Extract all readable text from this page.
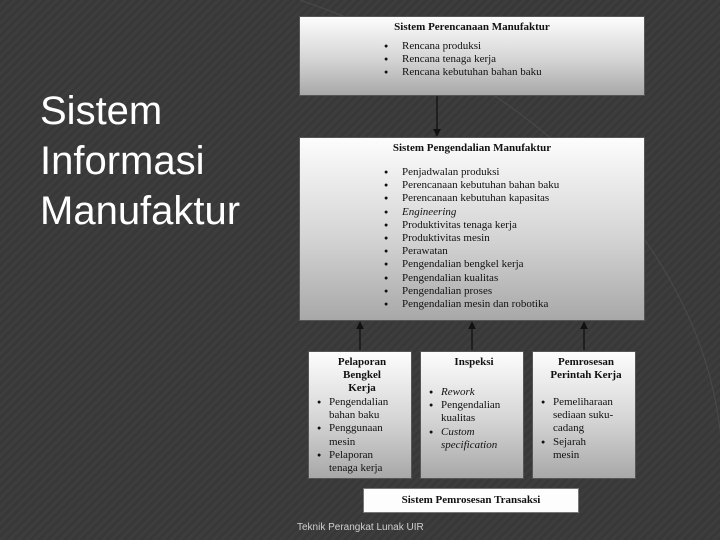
Sistem
Informasi
Manufaktur
Sistem Perencanaan Manufaktur
● Rencana produksi
● Rencana tenaga kerja
● Rencana kebutuhan bahan baku
Sistem Pengendalian Manufaktur
● Penjadwalan produksi
● Perencanaan kebutuhan bahan baku
● Perencanaan kebutuhan kapasitas
● Engineering
● Produktivitas tenaga kerja
● Produktivitas mesin
● Perawatan
● Pengendalian bengkel kerja
● Pengendalian kualitas
● Pengendalian proses
● Pengendalian mesin dan robotika
Pelaporan
Bengkel
Kerja
● Pengendalian
bahan baku
● Penggunaan
mesin
● Pelaporan
tenaga kerja
Inspeksi
● Rework
● Pengendalian
kualitas
● Custom
specification
Pemrosesan
Perintah Kerja
● Pemeliharaan
sediaan suku-
cadang
● Sejarah
mesin
Sistem Pemrosesan Transaksi
Teknik Perangkat Lunak UIR
